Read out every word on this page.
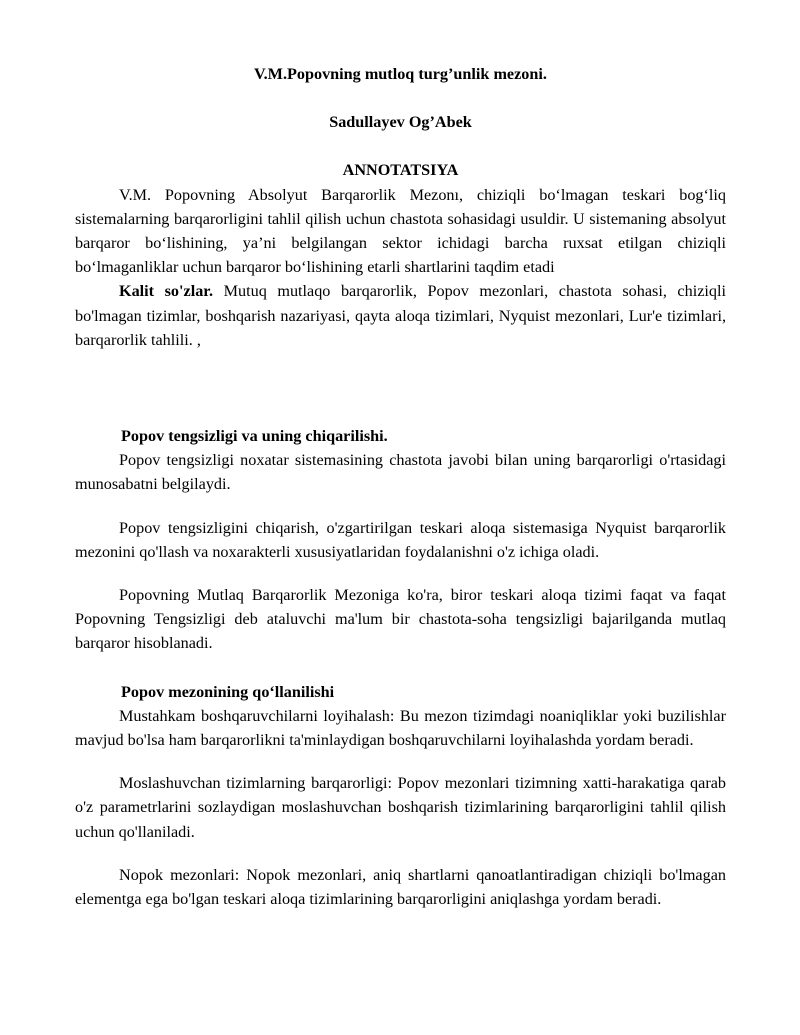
V.M.Popovning mutloq turg’unlik mezoni.

Sadullayev Og’Abek

ANNOTATSIYA

V.M. Popovning Absolyut Barqarorlik Mezonı, chiziqli bo‘lmagan teskari bog‘liq sistemalarning barqarorligini tahlil qilish uchun chastota sohasidagi usuldir. U sistemaning absolyut barqaror bo‘lishining, ya’ni belgilangan sektor ichidagi barcha ruxsat etilgan chiziqli bo‘lmaganliklar uchun barqaror bo‘lishining etarli shartlarini taqdim etadi

Kalit so'zlar. Mutuq mutlaqo barqarorlik, Popov mezonlari, chastota sohasi, chiziqli bo'lmagan tizimlar, boshqarish nazariyasi, qayta aloqa tizimlari, Nyquist mezonlari, Lur'e tizimlari, barqarorlik tahlili. ,

Popov tengsizligi va uning chiqarilishi.

Popov tengsizligi noxatar sistemasining chastota javobi bilan uning barqarorligi o'rtasidagi munosabatni belgilaydi.

Popov tengsizligini chiqarish, o'zgartirilgan teskari aloqa sistemasiga Nyquist barqarorlik mezonini qo'llash va noxarakterli xususiyatlaridan foydalanishni o'z ichiga oladi.

Popovning Mutlaq Barqarorlik Mezoniga ko'ra, biror teskari aloqa tizimi faqat va faqat Popovning Tengsizligi deb ataluvchi ma'lum bir chastota-soha tengsizligi bajarilganda mutlaq barqaror hisoblanadi.

Popov mezonining qo‘llanilishi

Mustahkam boshqaruvchilarni loyihalash: Bu mezon tizimdagi noaniqliklar yoki buzilishlar mavjud bo'lsa ham barqarorlikni ta'minlaydigan boshqaruvchilarni loyihalashda yordam beradi.

Moslashuvchan tizimlarning barqarorligi: Popov mezonlari tizimning xatti-harakatiga qarab o'z parametrlarini sozlaydigan moslashuvchan boshqarish tizimlarining barqarorligini tahlil qilish uchun qo'llaniladi.

Nopok mezonlari: Nopok mezonlari, aniq shartlarni qanoatlantiradigan chiziqli bo'lmagan elementga ega bo'lgan teskari aloqa tizimlarining barqarorligini aniqlashga yordam beradi.
